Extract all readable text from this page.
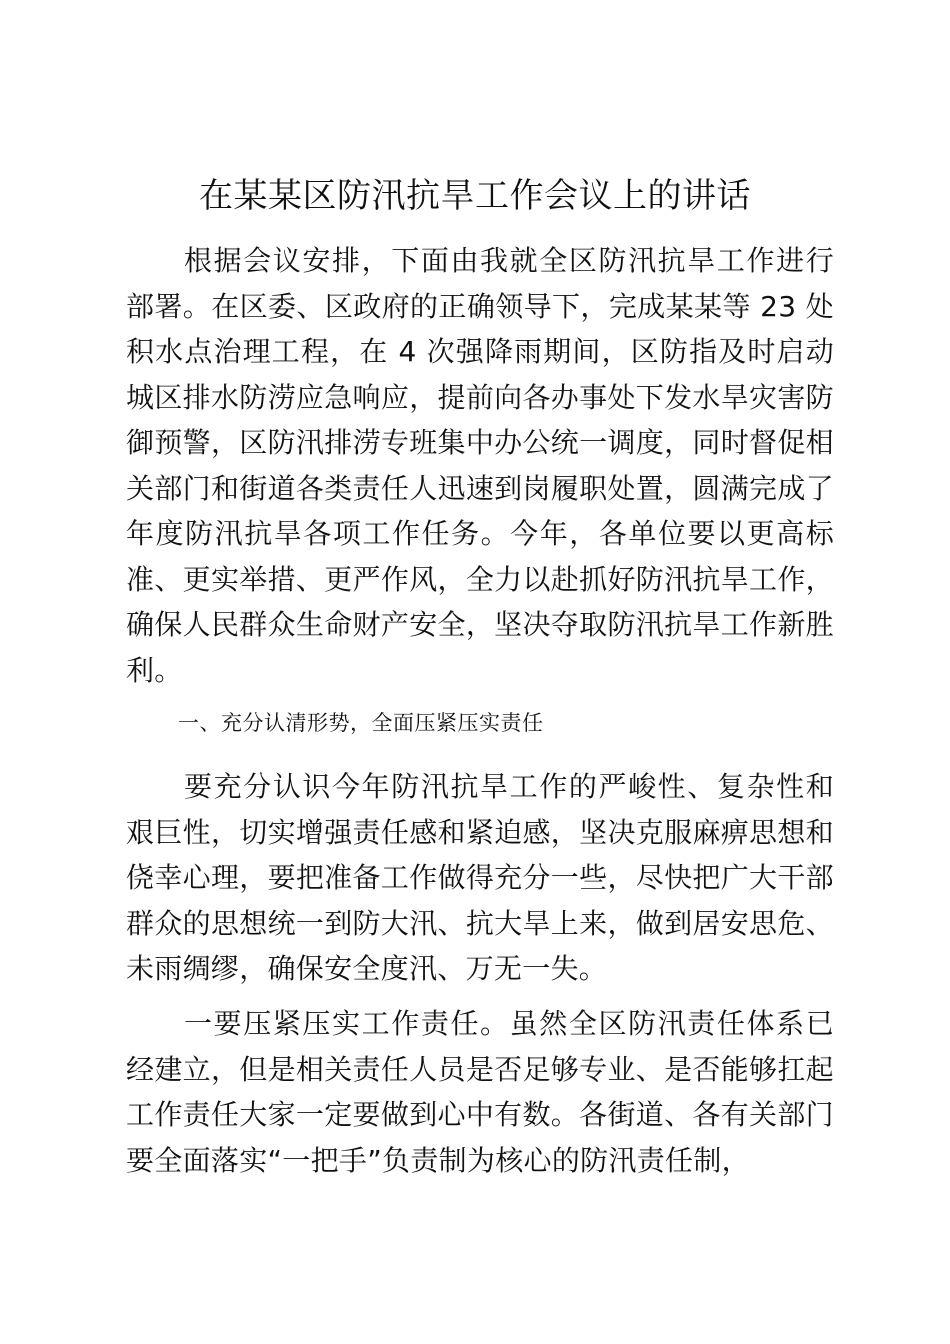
在某某区防汛抗旱工作会议上的讲话

根据会议安排，下面由我就全区防汛抗旱工作进行部署。在区委、区政府的正确领导下，完成某某等 23 处积水点治理工程，在 4 次强降雨期间，区防指及时启动城区排水防涝应急响应，提前向各办事处下发水旱灾害防御预警，区防汛排涝专班集中办公统一调度，同时督促相关部门和街道各类责任人迅速到岗履职处置，圆满完成了年度防汛抗旱各项工作任务。今年，各单位要以更高标准、更实举措、更严作风，全力以赴抓好防汛抗旱工作，确保人民群众生命财产安全，坚决夺取防汛抗旱工作新胜利。

一、充分认清形势，全面压紧压实责任

要充分认识今年防汛抗旱工作的严峻性、复杂性和艰巨性，切实增强责任感和紧迫感，坚决克服麻痹思想和侥幸心理，要把准备工作做得充分一些，尽快把广大干部群众的思想统一到防大汛、抗大旱上来，做到居安思危、未雨绸缪，确保安全度汛、万无一失。

一要压紧压实工作责任。虽然全区防汛责任体系已经建立，但是相关责任人员是否足够专业、是否能够扛起工作责任大家一定要做到心中有数。各街道、各有关部门要全面落实“一把手”负责制为核心的防汛责任制，
